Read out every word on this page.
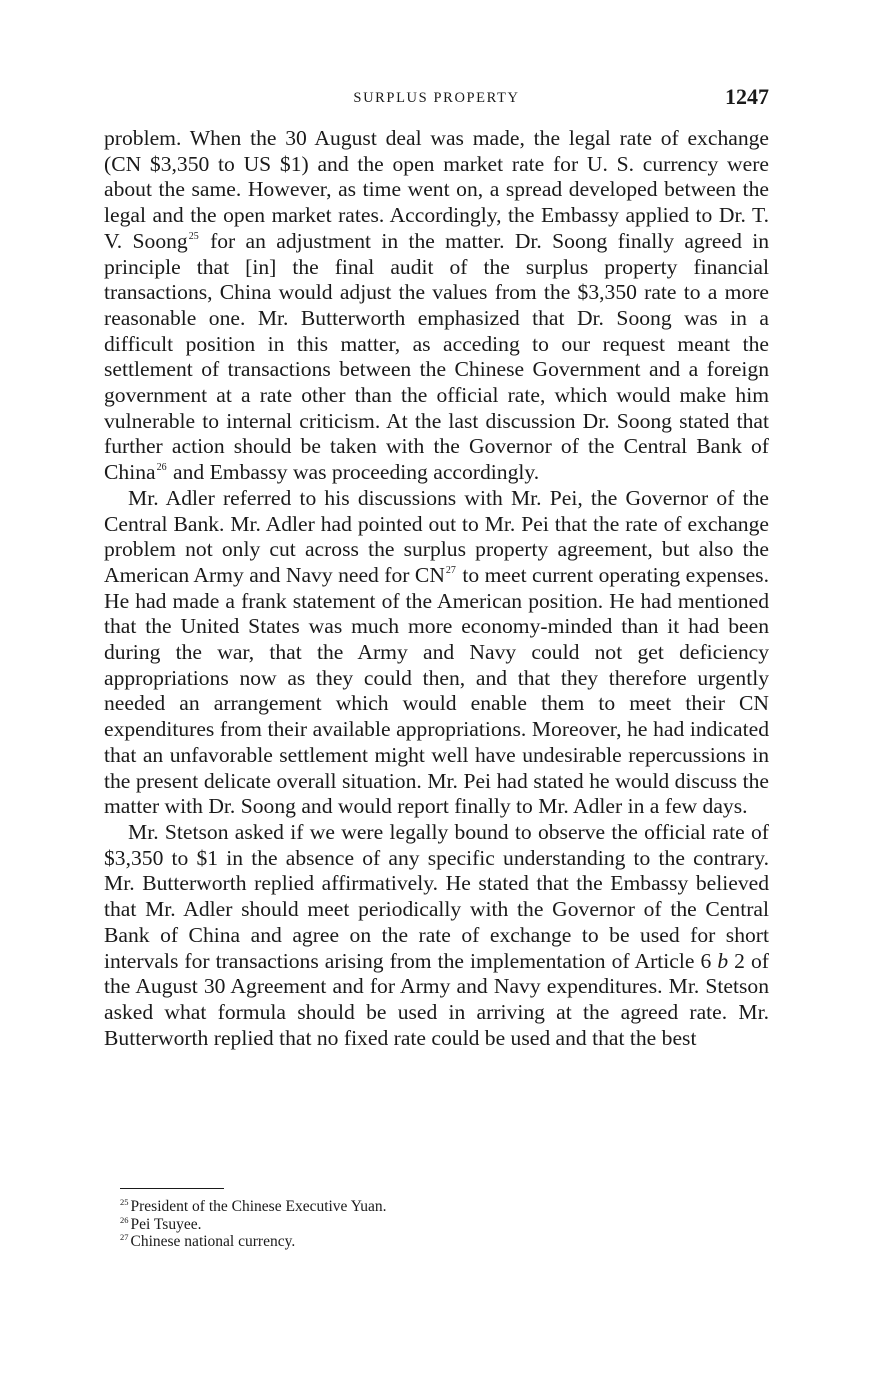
SURPLUS PROPERTY	1247

problem. When the 30 August deal was made, the legal rate of exchange (CN $3,350 to US $1) and the open market rate for U. S. currency were about the same. However, as time went on, a spread developed between the legal and the open market rates. Accordingly, the Embassy applied to Dr. T. V. Soong$^{25}$ for an adjustment in the matter. Dr. Soong finally agreed in principle that [in] the final audit of the surplus property financial transactions, China would adjust the values from the $3,350 rate to a more reasonable one. Mr. Butterworth emphasized that Dr. Soong was in a difficult position in this matter, as acceding to our request meant the settlement of transactions between the Chinese Government and a foreign government at a rate other than the official rate, which would make him vulnerable to internal criticism. At the last discussion Dr. Soong stated that further action should be taken with the Governor of the Central Bank of China$^{26}$ and Embassy was proceeding accordingly.

Mr. Adler referred to his discussions with Mr. Pei, the Governor of the Central Bank. Mr. Adler had pointed out to Mr. Pei that the rate of exchange problem not only cut across the surplus property agreement, but also the American Army and Navy need for CN$^{27}$ to meet current operating expenses. He had made a frank statement of the American position. He had mentioned that the United States was much more economy-minded than it had been during the war, that the Army and Navy could not get deficiency appropriations now as they could then, and that they therefore urgently needed an arrangement which would enable them to meet their CN expenditures from their available appropriations. Moreover, he had indicated that an unfavorable settlement might well have undesirable repercussions in the present delicate overall situation. Mr. Pei had stated he would discuss the matter with Dr. Soong and would report finally to Mr. Adler in a few days.

Mr. Stetson asked if we were legally bound to observe the official rate of $3,350 to $1 in the absence of any specific understanding to the contrary. Mr. Butterworth replied affirmatively. He stated that the Embassy believed that Mr. Adler should meet periodically with the Governor of the Central Bank of China and agree on the rate of exchange to be used for short intervals for transactions arising from the implementation of Article 6 b 2 of the August 30 Agreement and for Army and Navy expenditures. Mr. Stetson asked what formula should be used in arriving at the agreed rate. Mr. Butterworth replied that no fixed rate could be used and that the best

$^{25}$ President of the Chinese Executive Yuan.
$^{26}$ Pei Tsuyee.
$^{27}$ Chinese national currency.
